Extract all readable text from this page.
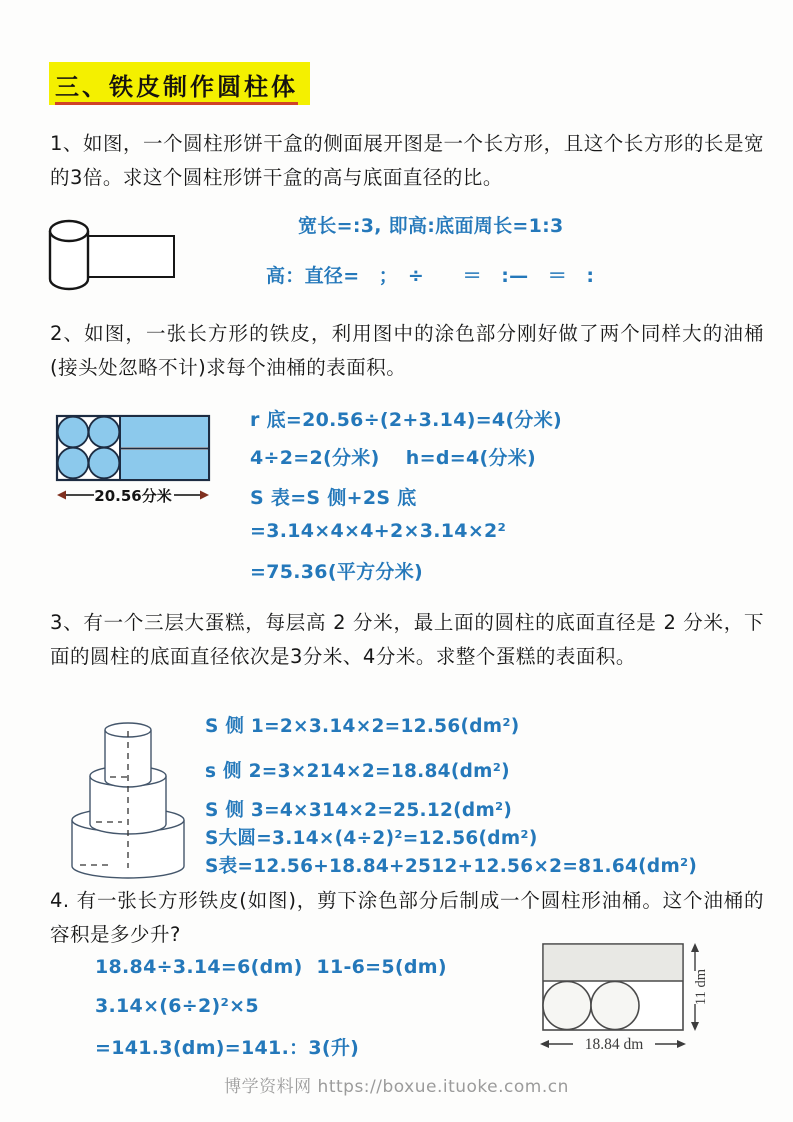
三、铁皮制作圆柱体
1、如图，一个圆柱形饼干盒的侧面展开图是一个长方形，且这个长方形的长是宽的3倍。求这个圆柱形饼干盒的高与底面直径的比。
宽长=:3, 即高:底面周长=1:3
高：直径=　；　÷　　＝　:—　＝　:
2、如图，一张长方形的铁皮，利用图中的涂色部分刚好做了两个同样大的油桶(接头处忽略不计)求每个油桶的表面积。
20.56分米
r 底=20.56÷(2+3.14)=4(分米)
4÷2=2(分米)　 h=d=4(分米)
S 表=S 侧+2S 底
=3.14×4×4+2×3.14×2²
=75.36(平方分米)
3、有一个三层大蛋糕，每层高 2 分米，最上面的圆柱的底面直径是 2 分米，下面的圆柱的底面直径依次是3分米、4分米。求整个蛋糕的表面积。
S 侧 1=2×3.14×2=12.56(dm²)
s 侧 2=3×214×2=18.84(dm²)
S 侧 3=4×314×2=25.12(dm²)
S大圆=3.14×(4÷2)²=12.56(dm²)
S表=12.56+18.84+2512+12.56×2=81.64(dm²)
4. 有一张长方形铁皮(如图)，剪下涂色部分后制成一个圆柱形油桶。这个油桶的容积是多少升?
18.84÷3.14=6(dm)  11-6=5(dm)
3.14×(6÷2)²×5
=141.3(dm)=141.：3(升)
11 dm
18.84 dm
博学资料网 https://boxue.ituoke.com.cn
